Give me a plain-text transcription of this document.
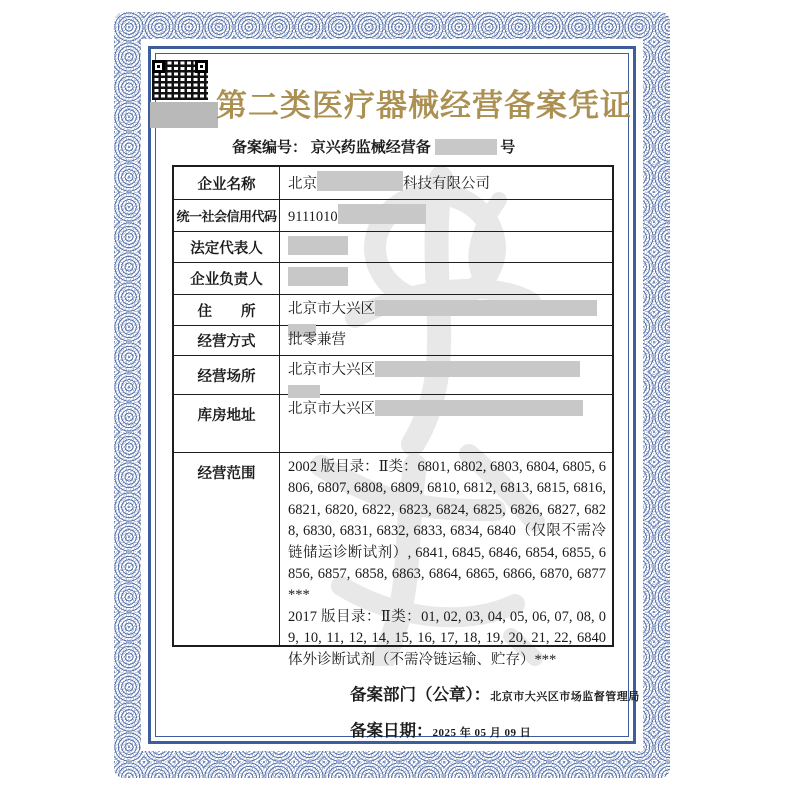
第二类医疗器械经营备案凭证
备案编号： 京兴药监械经营备	号
企业名称	北京	科技有限公司
统一社会信用代码 9111010
法定代表人
企业负责人
住　　所	北京市大兴区

经营方式	批零兼营
经营场所	北京市大兴区

库房地址	北京市大兴区
经营范围	2002 版目录：Ⅱ类：6801, 6802, 6803, 6804, 6805, 6806, 6807, 6808, 6809, 6810, 6812, 6813, 6815, 6816, 6821, 6820, 6822, 6823, 6824, 6825, 6826, 6827, 6828, 6830, 6831, 6832, 6833, 6834, 6840（仅限不需冷链储运诊断试剂）, 6841, 6845, 6846, 6854, 6855, 6856, 6857, 6858, 6863, 6864, 6865, 6866, 6870, 6877***
2017 版目录：Ⅱ类：01, 02, 03, 04, 05, 06, 07, 08, 09, 10, 11, 12, 14, 15, 16, 17, 18, 19, 20, 21, 22, 6840 体外诊断试剂（不需冷链运输、贮存）***
备案部门（公章）：北京市大兴区市场监督管理局
备案日期：2025 年 05 月 09 日
